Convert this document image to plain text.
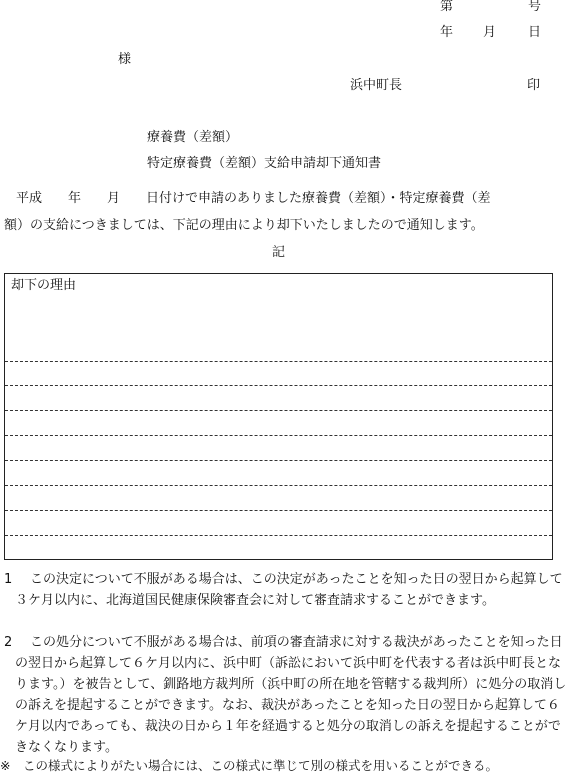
第	号
年 月 日
様
浜中町長	印
療養費（差額）
特定療養費（差額）支給申請却下通知書
平成　　年　　月　　日付けで申請のありました療養費（差額）・特定療養費（差
額）の支給につきましては、下記の理由により却下いたしましたので通知します。
記
却下の理由
1	この決定について不服がある場合は、この決定があったことを知った日の翌日から起算して３ケ月以内に、北海道国民健康保険審査会に対して審査請求することができます。
2	この処分について不服がある場合は、前項の審査請求に対する裁決があったことを知った日の翌日から起算して６ケ月以内に、浜中町（訴訟において浜中町を代表する者は浜中町長となります。）を被告として、釧路地方裁判所（浜中町の所在地を管轄する裁判所）に処分の取消しの訴えを提起することができます。なお、裁決があったことを知った日の翌日から起算して６ケ月以内であっても、裁決の日から１年を経過すると処分の取消しの訴えを提起することができなくなります。
※　この様式によりがたい場合には、この様式に準じて別の様式を用いることができる。
